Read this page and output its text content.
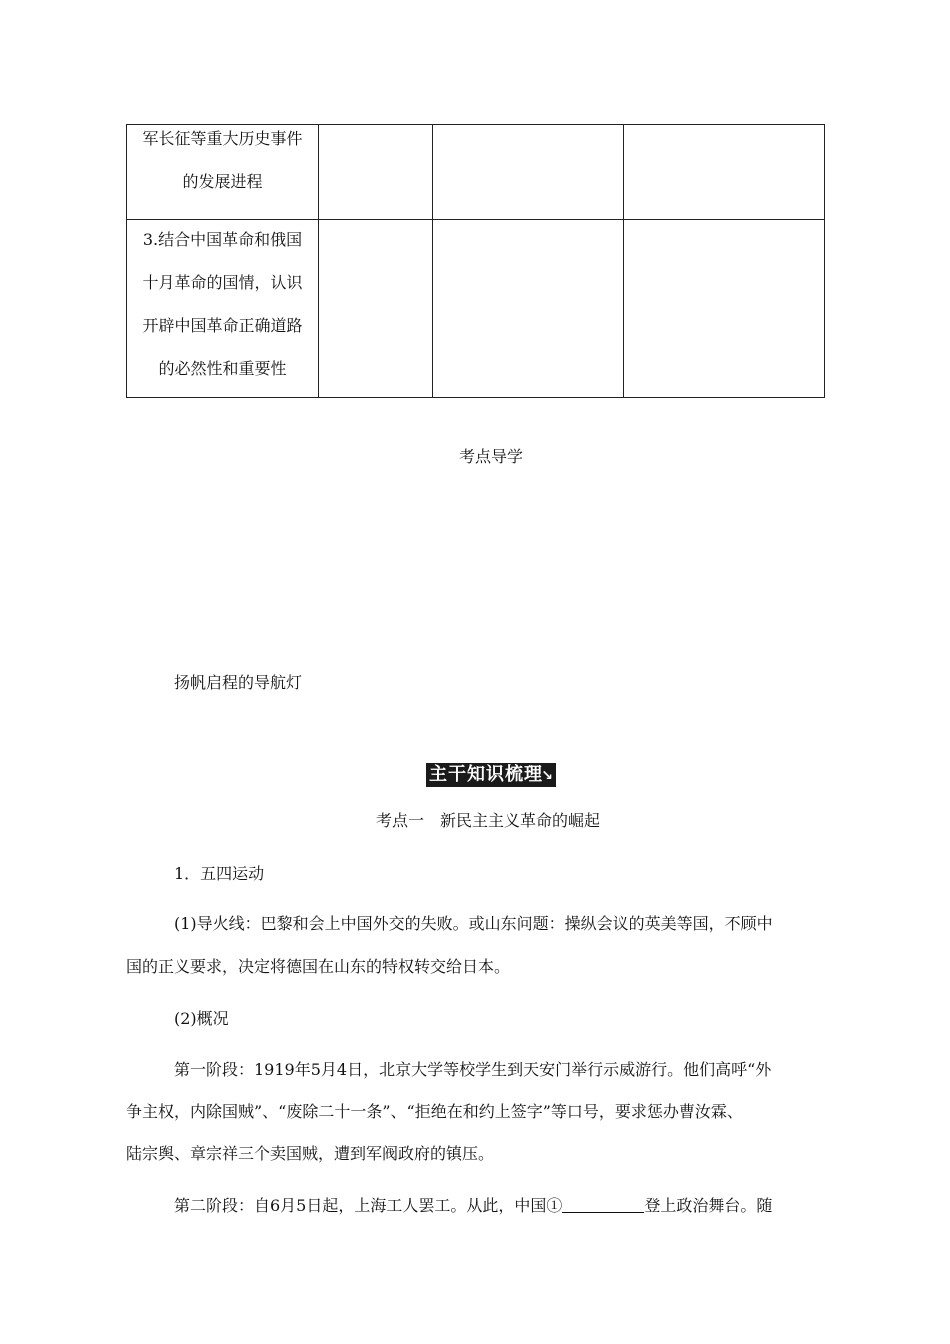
军长征等重大历史事件
的发展进程			

3.结合中国革命和俄国
十月革命的国情，认识
开辟中国革命正确道路
的必然性和重要性			

考点导学
扬帆启程的导航灯
主干知识梳理
↘
考点一　新民主主义革命的崛起
1．五四运动
(1)导火线：巴黎和会上中国外交的失败。或山东问题：操纵会议的英美等国，不顾中
国的正义要求，决定将德国在山东的特权转交给日本。
(2)概况
第一阶段：1919年5月4日，北京大学等校学生到天安门举行示威游行。他们高呼“外
争主权，内除国贼”、“废除二十一条”、“拒绝在和约上签字”等口号，要求惩办曹汝霖、
陆宗舆、章宗祥三个卖国贼，遭到军阀政府的镇压。
第二阶段：自6月5日起，上海工人罢工。从此，中国①	登上政治舞台。随
